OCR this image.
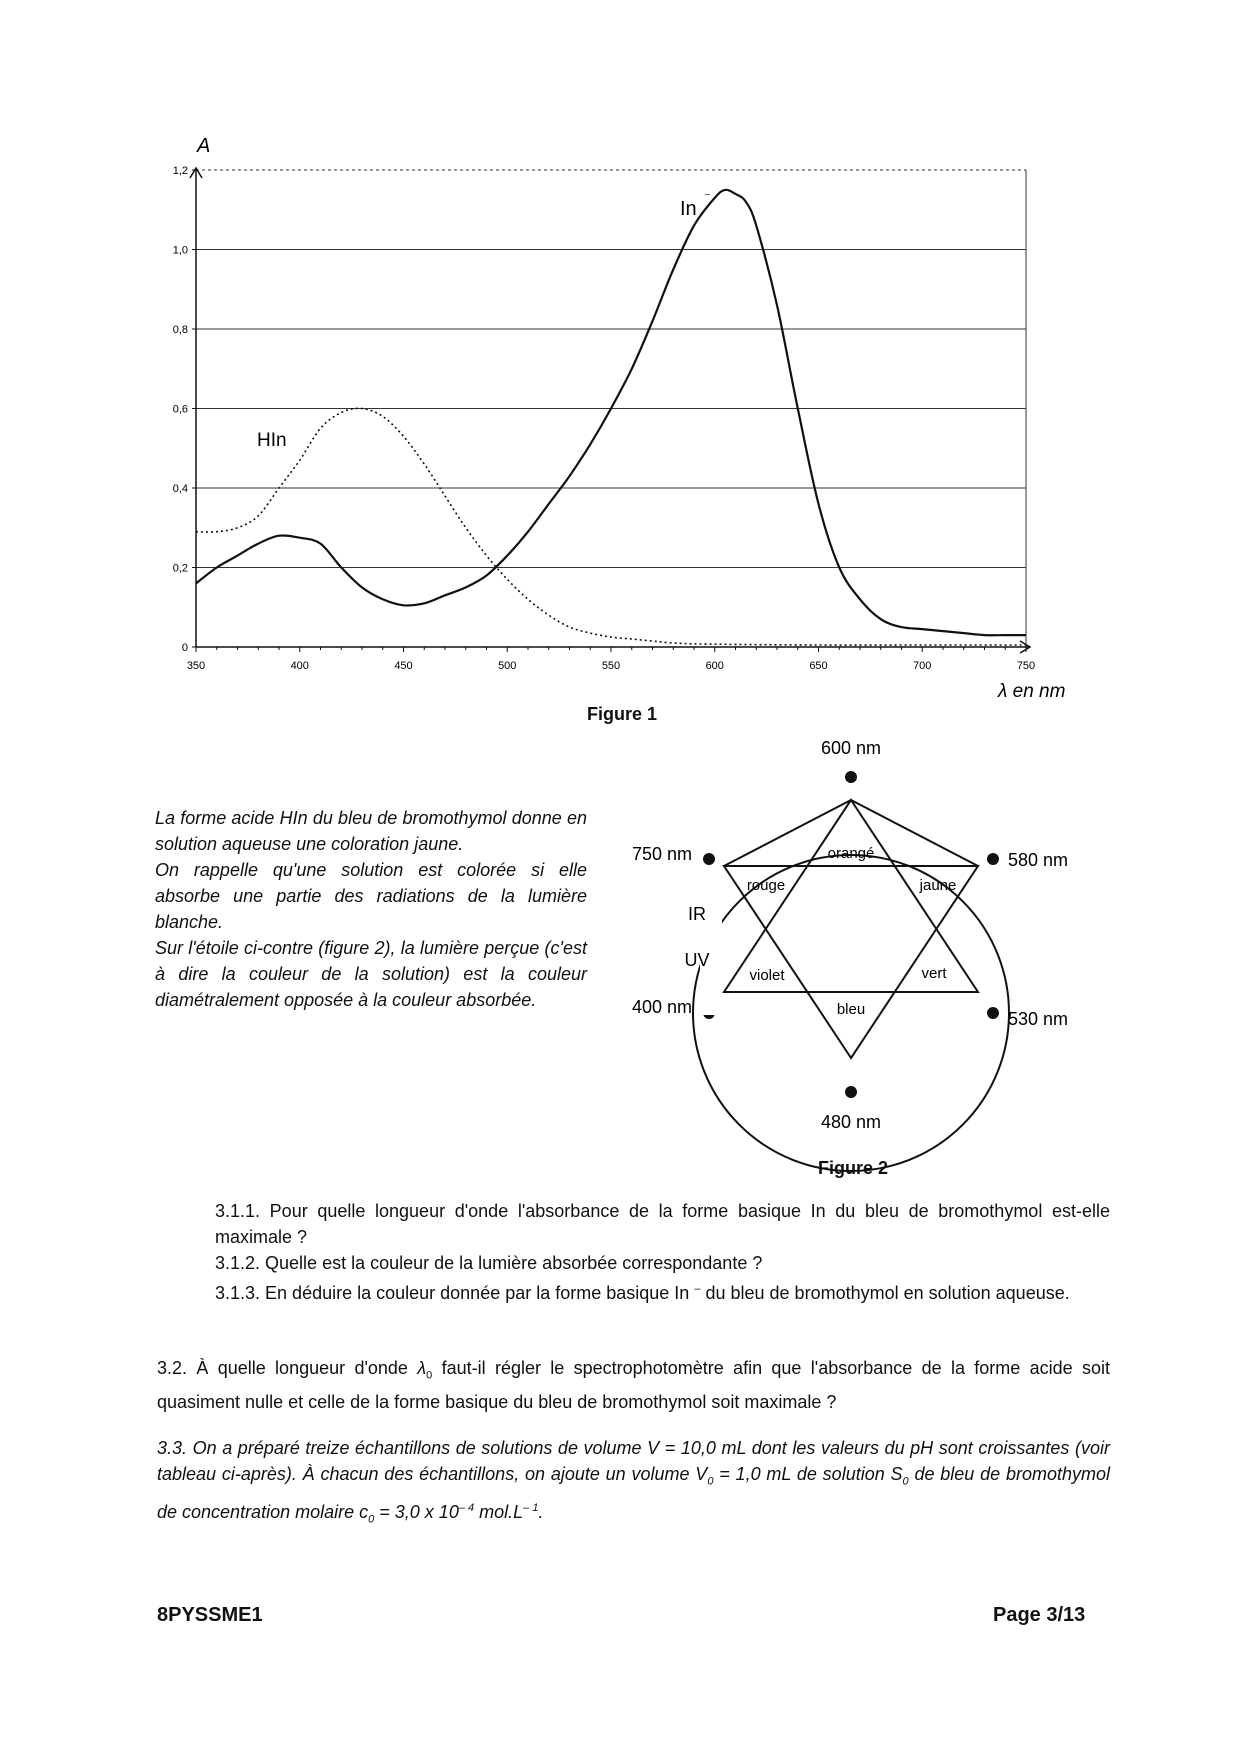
0
0,2
0,4
0,6
0,8
1,0
1,2
350	400	450	500	550	600	650	700	750
A
λ en nm
In
⁻
HIn
Figure 1
La forme acide HIn du bleu de bromothymol donne en solution aqueuse une coloration jaune.
On rappelle qu'une solution est colorée si elle absorbe une partie des radiations de la lumière blanche.
Sur l'étoile ci-contre (figure 2), la lumière perçue (c'est à dire la couleur de la solution) est la couleur diamétralement opposée à la couleur absorbée.
600 nm
580 nm
530 nm
480 nm
400 nm
750 nm
IR
UV
orangé
jaune
vert
bleu
violet
rouge
Figure 2
3.1.1. Pour quelle longueur d'onde l'absorbance de la forme basique In du bleu de bromothymol est-elle maximale ?
3.1.2. Quelle est la couleur de la lumière absorbée correspondante ?
3.1.3. En déduire la couleur donnée par la forme basique In – du bleu de bromothymol en solution aqueuse.
3.2. À quelle longueur d'onde $\lambda_0$ faut-il régler le spectrophotomètre afin que l'absorbance de la forme acide soit quasiment nulle et celle de la forme basique du bleu de bromothymol soit maximale ?
3.3. On a préparé treize échantillons de solutions de volume V = 10,0 mL dont les valeurs du pH sont croissantes (voir tableau ci-après). À chacun des échantillons, on ajoute un volume $V_0 = 1,0$ mL de solution $S_0$ de bleu de bromothymol de concentration molaire $c_0 = 3,0$ x $10^{- 4}$ $mol.L^{- 1}$.
8PYSSME1	Page 3/13
